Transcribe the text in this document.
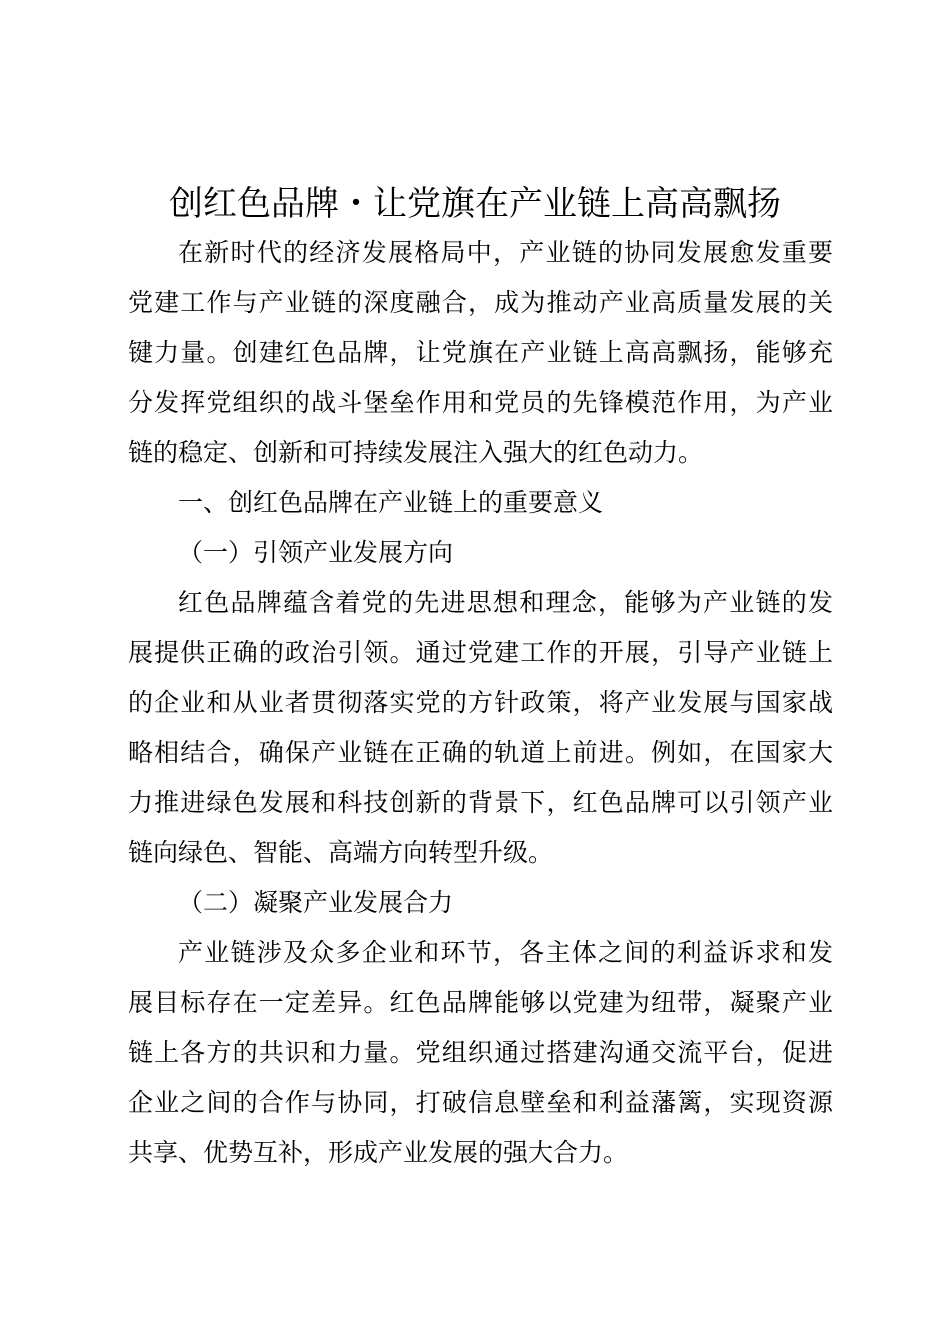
创红色品牌・让党旗在产业链上高高飘扬

在新时代的经济发展格局中，产业链的协同发展愈发重要
党建工作与产业链的深度融合，成为推动产业高质量发展的关
键力量。创建红色品牌，让党旗在产业链上高高飘扬，能够充
分发挥党组织的战斗堡垒作用和党员的先锋模范作用，为产业
链的稳定、创新和可持续发展注入强大的红色动力。

一、创红色品牌在产业链上的重要意义

（一）引领产业发展方向

红色品牌蕴含着党的先进思想和理念，能够为产业链的发
展提供正确的政治引领。通过党建工作的开展，引导产业链上
的企业和从业者贯彻落实党的方针政策，将产业发展与国家战
略相结合，确保产业链在正确的轨道上前进。例如，在国家大
力推进绿色发展和科技创新的背景下，红色品牌可以引领产业
链向绿色、智能、高端方向转型升级。

（二）凝聚产业发展合力

产业链涉及众多企业和环节，各主体之间的利益诉求和发
展目标存在一定差异。红色品牌能够以党建为纽带，凝聚产业
链上各方的共识和力量。党组织通过搭建沟通交流平台，促进
企业之间的合作与协同，打破信息壁垒和利益藩篱，实现资源
共享、优势互补，形成产业发展的强大合力。
